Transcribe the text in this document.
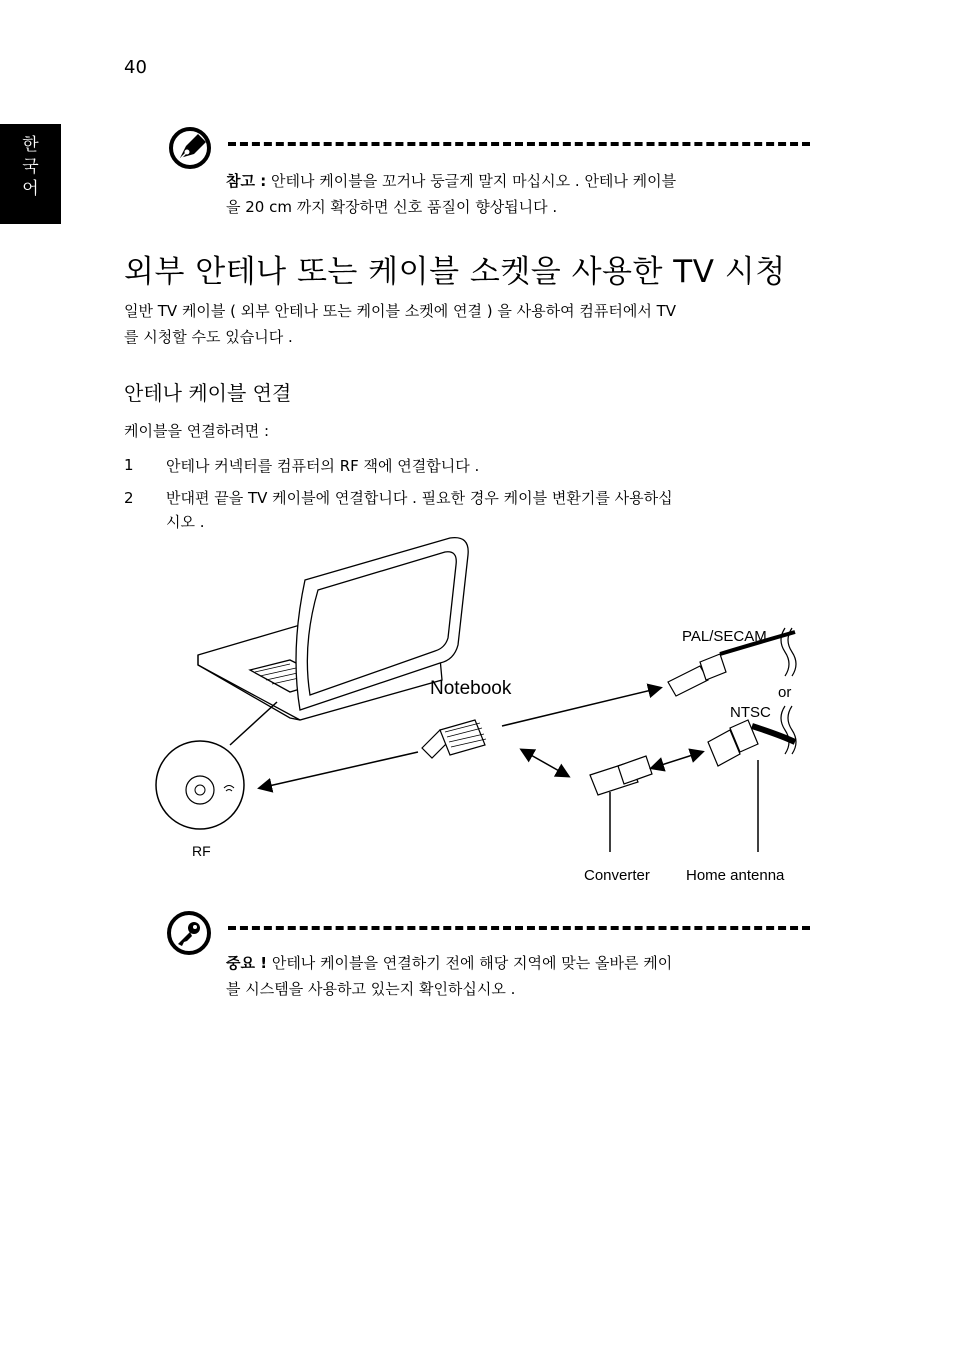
40
한
국
어	참고 : 안테나 케이블을 꼬거나 둥글게 말지 마십시오 . 안테나 케이블
을 20 cm 까지 확장하면 신호 품질이 향상됩니다 .
외부 안테나 또는 케이블 소켓을 사용한 TV 시청
일반 TV 케이블 ( 외부 안테나 또는 케이블 소켓에 연결 ) 을 사용하여 컴퓨터에서 TV
를 시청할 수도 있습니다 .
안테나 케이블 연결
케이블을 연결하려면 :
1 안테나 커넥터를 컴퓨터의 RF 잭에 연결합니다 .
2 반대편 끝을 TV 케이블에 연결합니다 . 필요한 경우 케이블 변환기를 사용하십
시오 .
Notebook
PAL/SECAM
or
NTSC
RF
Converter Home antenna
중요 ! 안테나 케이블을 연결하기 전에 해당 지역에 맞는 올바른 케이
블 시스템을 사용하고 있는지 확인하십시오 .
